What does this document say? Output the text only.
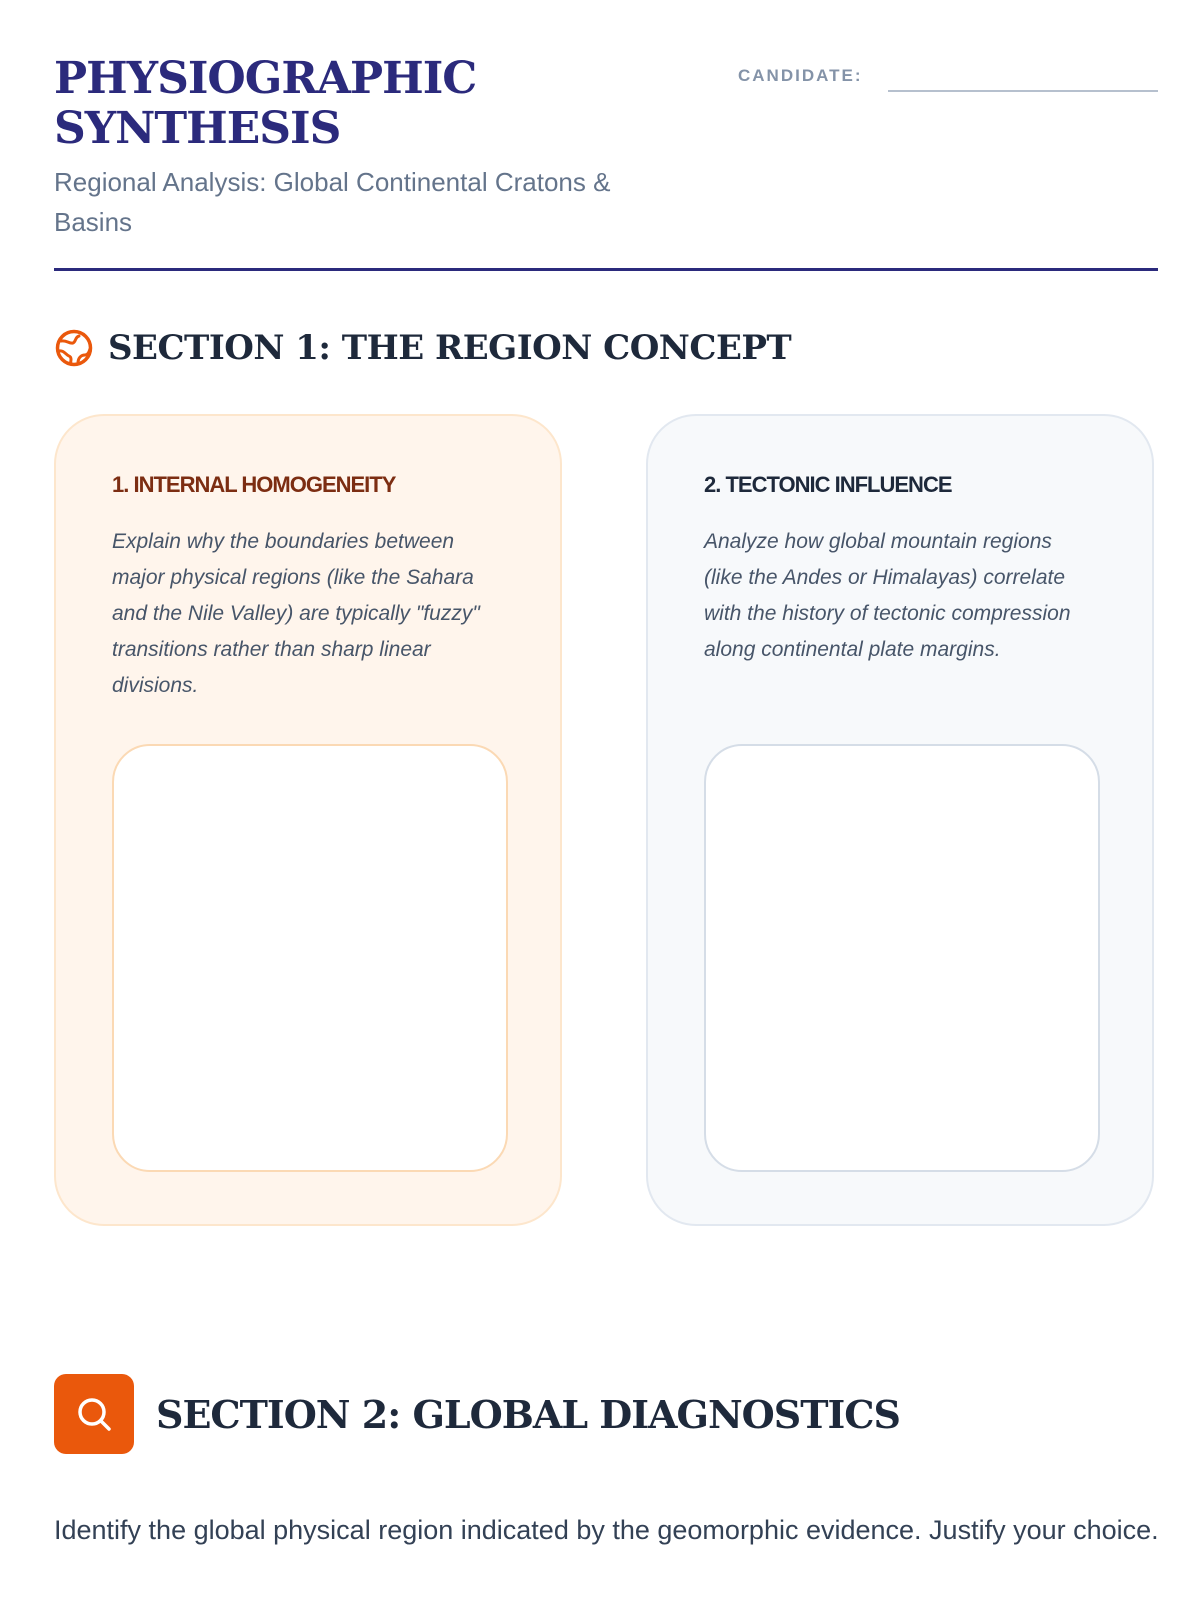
PHYSIOGRAPHIC SYNTHESIS
Regional Analysis: Global Continental Cratons & Basins
CANDIDATE:
SECTION 1: THE REGION CONCEPT
1. INTERNAL HOMOGENEITY
Explain why the boundaries between major physical regions (like the Sahara and the Nile Valley) are typically "fuzzy" transitions rather than sharp linear divisions.
2. TECTONIC INFLUENCE
Analyze how global mountain regions (like the Andes or Himalayas) correlate with the history of tectonic compression along continental plate margins.
SECTION 2: GLOBAL DIAGNOSTICS
Identify the global physical region indicated by the geomorphic evidence. Justify your choice.
